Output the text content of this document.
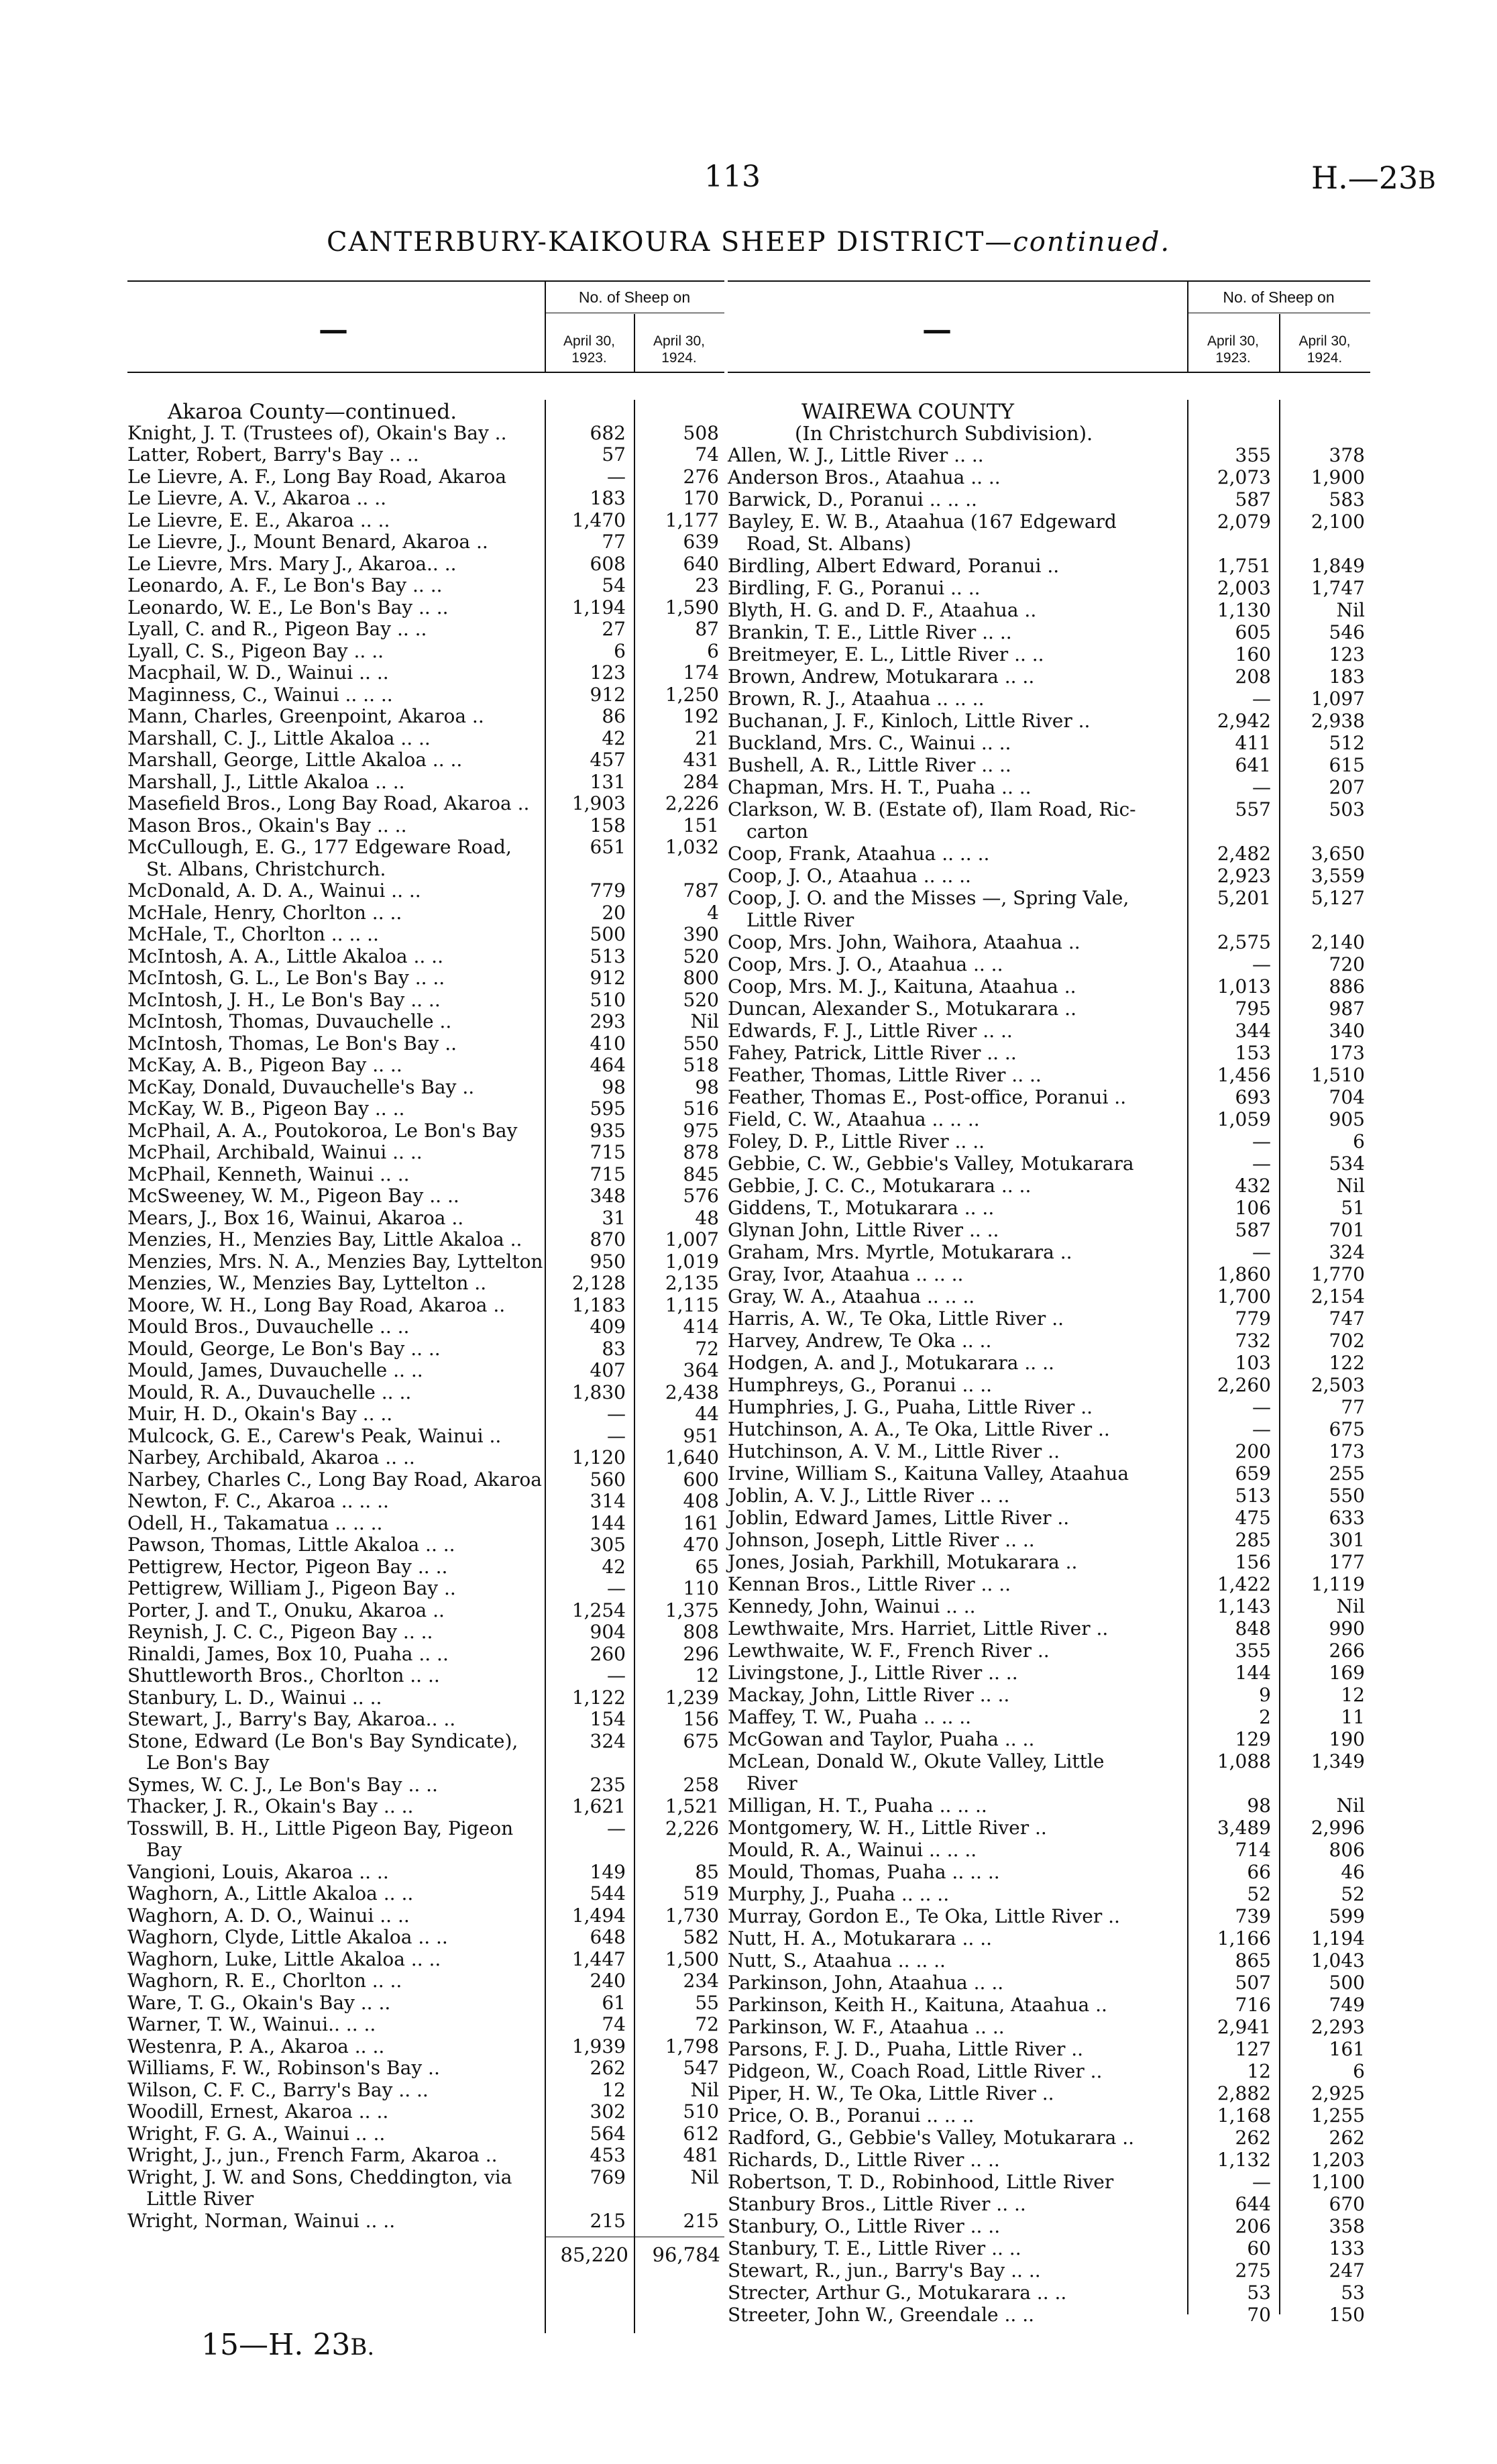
113	H.—23B
CANTERBURY-KAIKOURA SHEEP DISTRICT—continued.
—
No. of Sheep on
April 30,
1923.
April 30,
1924.
Akaroa County—continued.
Knight, J. T. (Trustees of), Okain's Bay ..	682	508
Latter, Robert, Barry's Bay .. ..	57	74
Le Lievre, A. F., Long Bay Road, Akaroa	—	276
Le Lievre, A. V., Akaroa .. ..	183	170
Le Lievre, E. E., Akaroa .. ..	1,470	1,177
Le Lievre, J., Mount Benard, Akaroa ..	77	639
Le Lievre, Mrs. Mary J., Akaroa.. ..	608	640
Leonardo, A. F., Le Bon's Bay .. ..	54	23
Leonardo, W. E., Le Bon's Bay .. ..	1,194	1,590
Lyall, C. and R., Pigeon Bay .. ..	27	87
Lyall, C. S., Pigeon Bay .. ..	6	6
Macphail, W. D., Wainui .. ..	123	174
Maginness, C., Wainui .. .. ..	912	1,250
Mann, Charles, Greenpoint, Akaroa ..	86	192
Marshall, C. J., Little Akaloa .. ..	42	21
Marshall, George, Little Akaloa .. ..	457	431
Marshall, J., Little Akaloa .. ..	131	284
Masefield Bros., Long Bay Road, Akaroa ..	1,903	2,226
Mason Bros., Okain's Bay .. ..	158	151
McCullough, E. G., 177 Edgeware Road,
St. Albans, Christchurch.
651	1,032
McDonald, A. D. A., Wainui .. ..	779	787
McHale, Henry, Chorlton .. ..	20	4
McHale, T., Chorlton .. .. ..	500	390
McIntosh, A. A., Little Akaloa .. ..	513	520
McIntosh, G. L., Le Bon's Bay .. ..	912	800
McIntosh, J. H., Le Bon's Bay .. ..	510	520
McIntosh, Thomas, Duvauchelle ..	293	Nil
McIntosh, Thomas, Le Bon's Bay ..	410	550
McKay, A. B., Pigeon Bay .. ..	464	518
McKay, Donald, Duvauchelle's Bay ..	98	98
McKay, W. B., Pigeon Bay .. ..	595	516
McPhail, A. A., Poutokoroa, Le Bon's Bay	935	975
McPhail, Archibald, Wainui .. ..	715	878
McPhail, Kenneth, Wainui .. ..	715	845
McSweeney, W. M., Pigeon Bay .. ..	348	576
Mears, J., Box 16, Wainui, Akaroa ..	31	48
Menzies, H., Menzies Bay, Little Akaloa ..	870	1,007
Menzies, Mrs. N. A., Menzies Bay, Lyttelton	950	1,019
Menzies, W., Menzies Bay, Lyttelton ..	2,128	2,135
Moore, W. H., Long Bay Road, Akaroa ..	1,183	1,115
Mould Bros., Duvauchelle .. ..	409	414
Mould, George, Le Bon's Bay .. ..	83	72
Mould, James, Duvauchelle .. ..	407	364
Mould, R. A., Duvauchelle .. ..	1,830	2,438
Muir, H. D., Okain's Bay .. ..	—	44
Mulcock, G. E., Carew's Peak, Wainui ..	—	951
Narbey, Archibald, Akaroa .. ..	1,120	1,640
Narbey, Charles C., Long Bay Road, Akaroa	560	600
Newton, F. C., Akaroa .. .. ..	314	408
Odell, H., Takamatua .. .. ..	144	161
Pawson, Thomas, Little Akaloa .. ..	305	470
Pettigrew, Hector, Pigeon Bay .. ..	42	65
Pettigrew, William J., Pigeon Bay ..	—	110
Porter, J. and T., Onuku, Akaroa ..	1,254	1,375
Reynish, J. C. C., Pigeon Bay .. ..	904	808
Rinaldi, James, Box 10, Puaha .. ..	260	296
Shuttleworth Bros., Chorlton .. ..	—	12
Stanbury, L. D., Wainui .. ..	1,122	1,239
Stewart, J., Barry's Bay, Akaroa.. ..	154	156
Stone, Edward (Le Bon's Bay Syndicate),
Le Bon's Bay
324	675
Symes, W. C. J., Le Bon's Bay .. ..	235	258
Thacker, J. R., Okain's Bay .. ..	1,621	1,521
Tosswill, B. H., Little Pigeon Bay, Pigeon
Bay
—	2,226
Vangioni, Louis, Akaroa .. ..	149	85
Waghorn, A., Little Akaloa .. ..	544	519
Waghorn, A. D. O., Wainui .. ..	1,494	1,730
Waghorn, Clyde, Little Akaloa .. ..	648	582
Waghorn, Luke, Little Akaloa .. ..	1,447	1,500
Waghorn, R. E., Chorlton .. ..	240	234
Ware, T. G., Okain's Bay .. ..	61	55
Warner, T. W., Wainui.. .. ..	74	72
Westenra, P. A., Akaroa .. ..	1,939	1,798
Williams, F. W., Robinson's Bay ..	262	547
Wilson, C. F. C., Barry's Bay .. ..	12	Nil
Woodill, Ernest, Akaroa .. ..	302	510
Wright, F. G. A., Wainui .. ..	564	612
Wright, J., jun., French Farm, Akaroa ..	453	481
Wright, J. W. and Sons, Cheddington, via
Little River
769	Nil
Wright, Norman, Wainui .. ..	215	215
85,220	96,784
—
No. of Sheep on
April 30,
1923.
April 30,
1924.
WAIREWA COUNTY
(In Christchurch Subdivision).
Allen, W. J., Little River .. ..	355	378
Anderson Bros., Ataahua .. ..	2,073	1,900
Barwick, D., Poranui .. .. ..	587	583
Bayley, E. W. B., Ataahua (167 Edgeward
Road, St. Albans)
2,079	2,100
Birdling, Albert Edward, Poranui ..	1,751	1,849
Birdling, F. G., Poranui .. ..	2,003	1,747
Blyth, H. G. and D. F., Ataahua ..	1,130	Nil
Brankin, T. E., Little River .. ..	605	546
Breitmeyer, E. L., Little River .. ..	160	123
Brown, Andrew, Motukarara .. ..	208	183
Brown, R. J., Ataahua .. .. ..	—	1,097
Buchanan, J. F., Kinloch, Little River ..	2,942	2,938
Buckland, Mrs. C., Wainui .. ..	411	512
Bushell, A. R., Little River .. ..	641	615
Chapman, Mrs. H. T., Puaha .. ..	—	207
Clarkson, W. B. (Estate of), Ilam Road, Ric-
carton
557	503
Coop, Frank, Ataahua .. .. ..	2,482	3,650
Coop, J. O., Ataahua .. .. ..	2,923	3,559
Coop, J. O. and the Misses —, Spring Vale,
Little River
5,201	5,127
Coop, Mrs. John, Waihora, Ataahua ..	2,575	2,140
Coop, Mrs. J. O., Ataahua .. ..	—	720
Coop, Mrs. M. J., Kaituna, Ataahua ..	1,013	886
Duncan, Alexander S., Motukarara ..	795	987
Edwards, F. J., Little River .. ..	344	340
Fahey, Patrick, Little River .. ..	153	173
Feather, Thomas, Little River .. ..	1,456	1,510
Feather, Thomas E., Post-office, Poranui ..	693	704
Field, C. W., Ataahua .. .. ..	1,059	905
Foley, D. P., Little River .. ..	—	6
Gebbie, C. W., Gebbie's Valley, Motukarara	—	534
Gebbie, J. C. C., Motukarara .. ..	432	Nil
Giddens, T., Motukarara .. ..	106	51
Glynan John, Little River .. ..	587	701
Graham, Mrs. Myrtle, Motukarara ..	—	324
Gray, Ivor, Ataahua .. .. ..	1,860	1,770
Gray, W. A., Ataahua .. .. ..	1,700	2,154
Harris, A. W., Te Oka, Little River ..	779	747
Harvey, Andrew, Te Oka .. ..	732	702
Hodgen, A. and J., Motukarara .. ..	103	122
Humphreys, G., Poranui .. ..	2,260	2,503
Humphries, J. G., Puaha, Little River ..	—	77
Hutchinson, A. A., Te Oka, Little River ..	—	675
Hutchinson, A. V. M., Little River ..	200	173
Irvine, William S., Kaituna Valley, Ataahua	659	255
Joblin, A. V. J., Little River .. ..	513	550
Joblin, Edward James, Little River ..	475	633
Johnson, Joseph, Little River .. ..	285	301
Jones, Josiah, Parkhill, Motukarara ..	156	177
Kennan Bros., Little River .. ..	1,422	1,119
Kennedy, John, Wainui .. ..	1,143	Nil
Lewthwaite, Mrs. Harriet, Little River ..	848	990
Lewthwaite, W. F., French River ..	355	266
Livingstone, J., Little River .. ..	144	169
Mackay, John, Little River .. ..	9	12
Maffey, T. W., Puaha .. .. ..	2	11
McGowan and Taylor, Puaha .. ..	129	190
McLean, Donald W., Okute Valley, Little
River
1,088	1,349
Milligan, H. T., Puaha .. .. ..	98	Nil
Montgomery, W. H., Little River ..	3,489	2,996
Mould, R. A., Wainui .. .. ..	714	806
Mould, Thomas, Puaha .. .. ..	66	46
Murphy, J., Puaha .. .. ..	52	52
Murray, Gordon E., Te Oka, Little River ..	739	599
Nutt, H. A., Motukarara .. ..	1,166	1,194
Nutt, S., Ataahua .. .. ..	865	1,043
Parkinson, John, Ataahua .. ..	507	500
Parkinson, Keith H., Kaituna, Ataahua ..	716	749
Parkinson, W. F., Ataahua .. ..	2,941	2,293
Parsons, F. J. D., Puaha, Little River ..	127	161
Pidgeon, W., Coach Road, Little River ..	12	6
Piper, H. W., Te Oka, Little River ..	2,882	2,925
Price, O. B., Poranui .. .. ..	1,168	1,255
Radford, G., Gebbie's Valley, Motukarara ..	262	262
Richards, D., Little River .. ..	1,132	1,203
Robertson, T. D., Robinhood, Little River	—	1,100
Stanbury Bros., Little River .. ..	644	670
Stanbury, O., Little River .. ..	206	358
Stanbury, T. E., Little River .. ..	60	133
Stewart, R., jun., Barry's Bay .. ..	275	247
Strecter, Arthur G., Motukarara .. ..	53	53
Streeter, John W., Greendale .. ..	70	150
15—H. 23B.
